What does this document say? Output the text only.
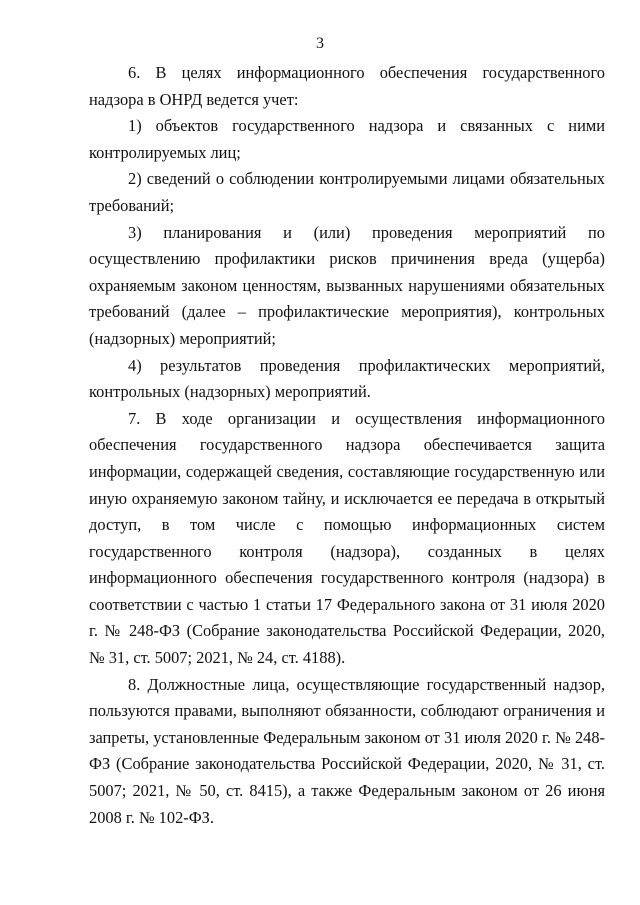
3

6. В целях информационного обеспечения государственного надзора в ОНРД ведется учет:

1) объектов государственного надзора и связанных с ними контролируемых лиц;

2) сведений о соблюдении контролируемыми лицами обязательных требований;

3) планирования и (или) проведения мероприятий по осуществлению профилактики рисков причинения вреда (ущерба) охраняемым законом ценностям, вызванных нарушениями обязательных требований (далее – профилактические мероприятия), контрольных (надзорных) мероприятий;

4) результатов проведения профилактических мероприятий, контрольных (надзорных) мероприятий.

7. В ходе организации и осуществления информационного обеспечения государственного надзора обеспечивается защита информации, содержащей сведения, составляющие государственную или иную охраняемую законом тайну, и исключается ее передача в открытый доступ, в том числе с помощью информационных систем государственного контроля (надзора), созданных в целях информационного обеспечения государственного контроля (надзора) в соответствии с частью 1 статьи 17 Федерального закона от 31 июля 2020 г. № 248-ФЗ (Собрание законодательства Российской Федерации, 2020, № 31, ст. 5007; 2021, № 24, ст. 4188).

8. Должностные лица, осуществляющие государственный надзор, пользуются правами, выполняют обязанности, соблюдают ограничения и запреты, установленные Федеральным законом от 31 июля 2020 г. № 248-ФЗ (Собрание законодательства Российской Федерации, 2020, № 31, ст. 5007; 2021, № 50, ст. 8415), а также Федеральным законом от 26 июня 2008 г. № 102-ФЗ.
